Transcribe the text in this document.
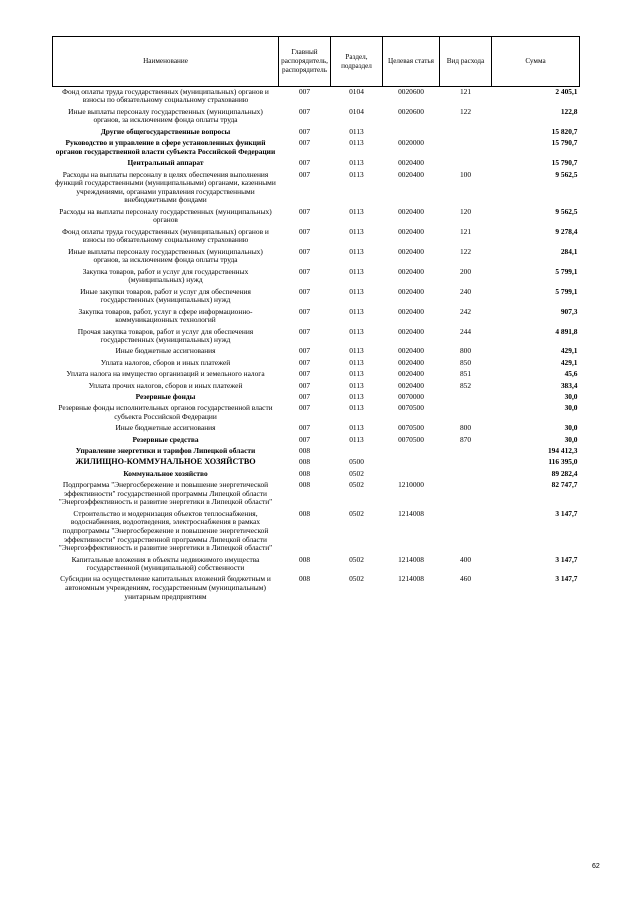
Наименование	Главный распорядитель, распорядитель	Раздел, подраздел	Целевая статья	Вид расхода	Сумма
Фонд оплаты труда государственных (муниципальных) органов и взносы по обязательному социальному страхованию	007	0104	0020600	121	2 405,1
Иные выплаты персоналу государственных (муниципальных) органов, за исключением фонда оплаты труда	007	0104	0020600	122	122,8
Другие общегосударственные вопросы	007	0113			15 820,7
Руководство и управление в сфере установленных функций органов государственной власти субъекта Российской Федерации	007	0113	0020000		15 790,7
Центральный аппарат	007	0113	0020400		15 790,7
Расходы на выплаты персоналу в целях обеспечения выполнения функций государственными (муниципальными) органами, казенными учреждениями, органами управления государственными внебюджетными фондами	007	0113	0020400	100	9 562,5
Расходы на выплаты персоналу государственных (муниципальных) органов	007	0113	0020400	120	9 562,5
Фонд оплаты труда государственных (муниципальных) органов и взносы по обязательному социальному страхованию	007	0113	0020400	121	9 278,4
Иные выплаты персоналу государственных (муниципальных) органов, за исключением фонда оплаты труда	007	0113	0020400	122	284,1
Закупка товаров, работ и услуг для государственных (муниципальных) нужд	007	0113	0020400	200	5 799,1
Иные закупки товаров, работ и услуг для обеспечения государственных (муниципальных) нужд	007	0113	0020400	240	5 799,1
Закупка товаров, работ, услуг в сфере информационно-коммуникационных технологий	007	0113	0020400	242	907,3
Прочая закупка товаров, работ и услуг для обеспечения государственных (муниципальных) нужд	007	0113	0020400	244	4 891,8
Иные бюджетные ассигнования	007	0113	0020400	800	429,1
Уплата налогов, сборов и иных платежей	007	0113	0020400	850	429,1
Уплата налога на имущество организаций и земельного налога	007	0113	0020400	851	45,6
Уплата прочих налогов, сборов и иных платежей	007	0113	0020400	852	383,4
Резервные фонды	007	0113	0070000		30,0
Резервные фонды исполнительных органов государственной власти субъекта Российской Федерации	007	0113	0070500		30,0
Иные бюджетные ассигнования	007	0113	0070500	800	30,0
Резервные средства	007	0113	0070500	870	30,0
Управление энергетики и тарифов Липецкой области	008				194 412,3
ЖИЛИЩНО-КОММУНАЛЬНОЕ ХОЗЯЙСТВО	008	0500			116 395,0
Коммунальное хозяйство	008	0502			89 282,4
Подпрограмма "Энергосбережение и повышение энергетической эффективности" государственной программы Липецкой области "Энергоэффективность и развитие энергетики в Липецкой области"	008	0502	1210000		82 747,7
Строительство и модернизация объектов теплоснабжения, водоснабжения, водоотведения, электроснабжения в рамках подпрограммы "Энергосбережение и повышение энергетической эффективности" государственной программы Липецкой области "Энергоэффективность и развитие энергетики в Липецкой области"	008	0502	1214008		3 147,7
Капитальные вложения в объекты недвижимого имущества государственной (муниципальной) собственности	008	0502	1214008	400	3 147,7
Субсидии на осуществление капитальных вложений бюджетным и автономным учреждениям, государственным (муниципальным) унитарным предприятиям	008	0502	1214008	460	3 147,7
62
